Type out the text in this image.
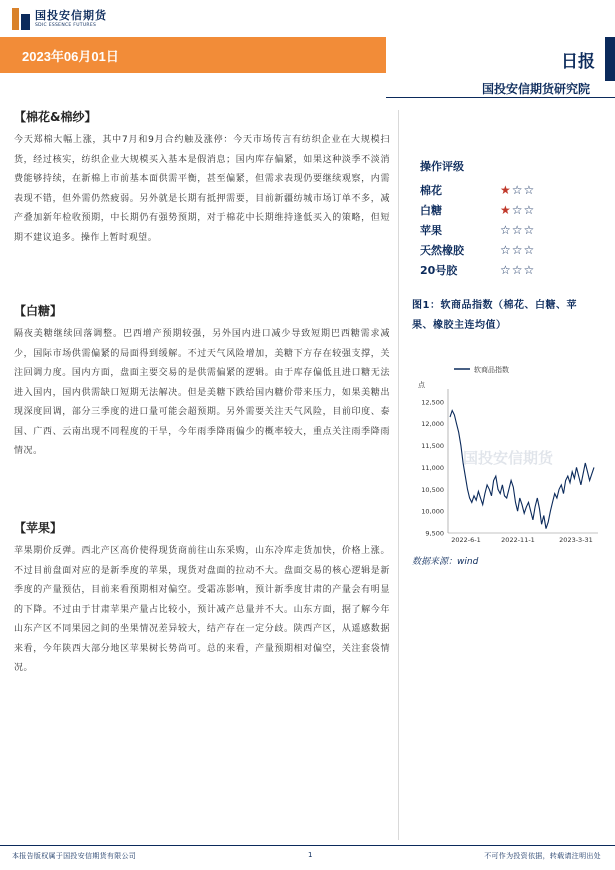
国投安信期货
SDIC ESSENCE FUTURES
2023年06月01日	日报
国投安信期货研究院
【棉花&棉纱】

今天郑棉大幅上涨，其中7月和9月合约触及涨停：今天市场传言有纺织企业在大规模扫货，经过核实，纺织企业大规模买入基本是假消息；国内库存偏紧，如果这种淡季不淡消费能够持续，在新棉上市前基本面供需平衡，甚至偏紧，但需求表现仍要继续观察，内需表现不错，但外需仍然疲弱。另外就是长期有抵押需要，目前新疆纺城市场订单不多，减产叠加新年检收预期，中长期仍有强势预期，对于棉花中长期维持逢低买入的策略，但短期不建议追多。操作上暂时观望。

【白糖】

隔夜美糖继续回落调整。巴西增产预期较强，另外国内进口减少导致短期巴西糖需求减少，国际市场供需偏紧的局面得到缓解。不过天气风险增加，美糖下方存在较强支撑，关注回调力度。国内方面，盘面主要交易的是供需偏紧的逻辑。由于库存偏低且进口糖无法进入国内，国内供需缺口短期无法解决。但是美糖下跌给国内糖价带来压力，如果美糖出现深度回调，部分三季度的进口量可能会超预期。另外需要关注天气风险，目前印度、泰国、广西、云南出现不同程度的干旱，今年雨季降雨偏少的概率较大，重点关注雨季降雨情况。

【苹果】

苹果期价反弹。西北产区高价使得现货商前往山东采购，山东冷库走货加快，价格上涨。不过目前盘面对应的是新季度的苹果，现货对盘面的拉动不大。盘面交易的核心逻辑是新季度的产量预估，目前来看预期相对偏空。受霜冻影响，预计新季度甘肃的产量会有明显的下降。不过由于甘肃苹果产量占比较小，预计减产总量并不大。山东方面，据了解今年山东产区不同果园之间的坐果情况差异较大，结产存在一定分歧。陕西产区，从遥感数据来看，今年陕西大部分地区苹果树长势尚可。总的来看，产量预期相对偏空，关注套袋情况。

操作评级
棉花	★☆☆
白糖	★☆☆
苹果	☆☆☆
天然橡胶	☆☆☆
20号胶	☆☆☆
图1：软商品指数（棉花、白糖、苹果、橡胶主连均值）
国投安信期货
软商品指数
点
9,500
10,000
10,500
11,000
11,500
12,000
12,500
2022-6-1	2022-11-1	2023-3-31
数据来源：wind
本报告版权属于国投安信期货有限公司	1	不可作为投资依据，转载请注明出处
